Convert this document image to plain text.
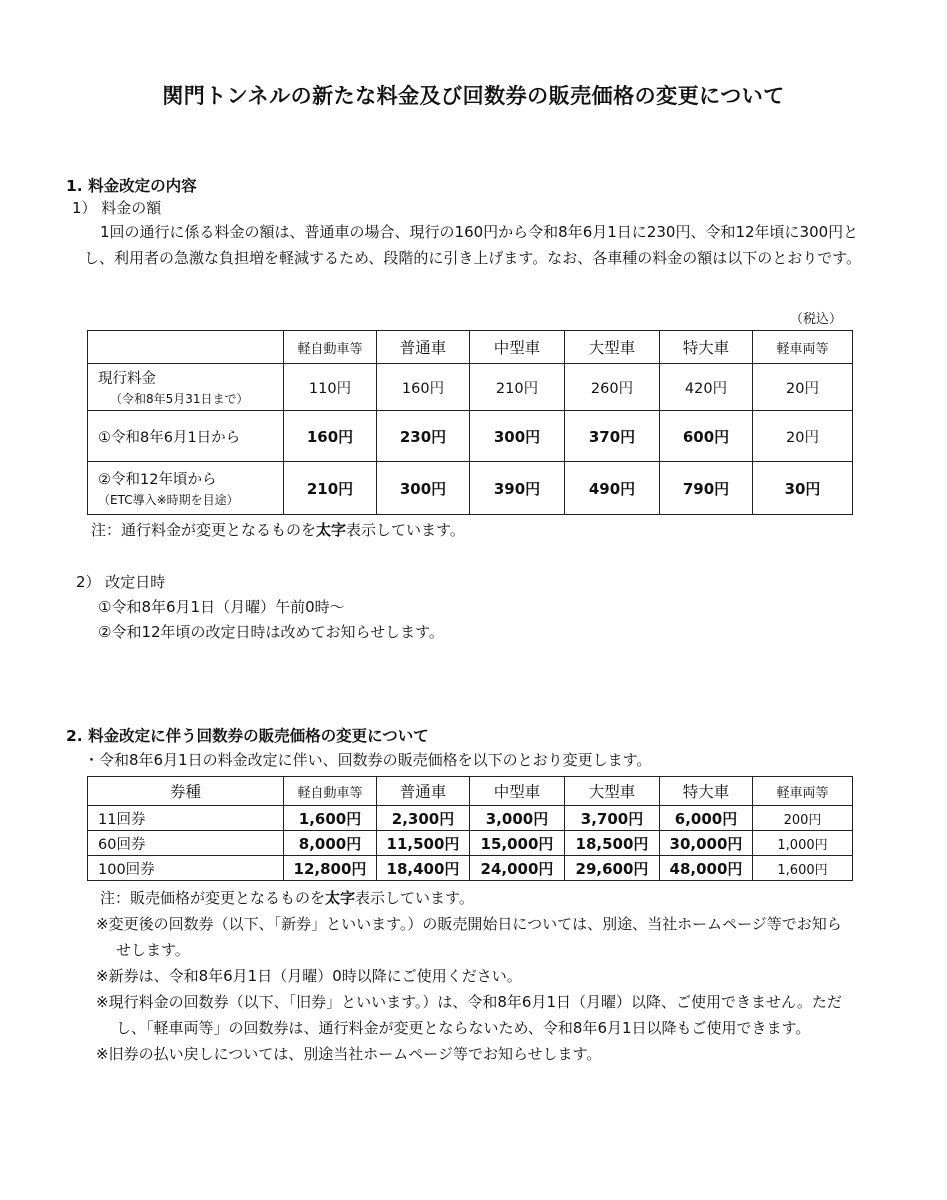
関門トンネルの新たな料金及び回数券の販売価格の変更について
1. 料金改定の内容
1） 料金の額
1回の通行に係る料金の額は、普通車の場合、現行の160円から令和8年6月1日に230円、令和12年頃に300円とし、利用者の急激な負担増を軽減するため、段階的に引き上げます。なお、各車種の料金の額は以下のとおりです。
（税込）
	軽自動車等	普通車	中型車	大型車	特大車	軽車両等
現行料金
（令和8年5月31日まで）	110円	160円	210円	260円	420円	20円
①令和8年6月1日から	160円	230円	300円	370円	600円	20円
②令和12年頃から
（ETC導入※時期を目途）	210円	300円	390円	490円	790円	30円
注：通行料金が変更となるものを太字表示しています。
2） 改定日時
①令和8年6月1日（月曜）午前0時～
②令和12年頃の改定日時は改めてお知らせします。
2. 料金改定に伴う回数券の販売価格の変更について
・令和8年6月1日の料金改定に伴い、回数券の販売価格を以下のとおり変更します。
券種	軽自動車等	普通車	中型車	大型車	特大車	軽車両等
11回券	1,600円	2,300円	3,000円	3,700円	6,000円	200円
60回券	8,000円	11,500円	15,000円	18,500円	30,000円	1,000円
100回券	12,800円	18,400円	24,000円	29,600円	48,000円	1,600円
注：販売価格が変更となるものを太字表示しています。
※変更後の回数券（以下、「新券」といいます。）の販売開始日については、別途、当社ホームページ等でお知らせします。
※新券は、令和8年6月1日（月曜）0時以降にご使用ください。
※現行料金の回数券（以下、「旧券」といいます。）は、令和8年6月1日（月曜）以降、ご使用できません。ただし、「軽車両等」の回数券は、通行料金が変更とならないため、令和8年6月1日以降もご使用できます。
※旧券の払い戻しについては、別途当社ホームページ等でお知らせします。
